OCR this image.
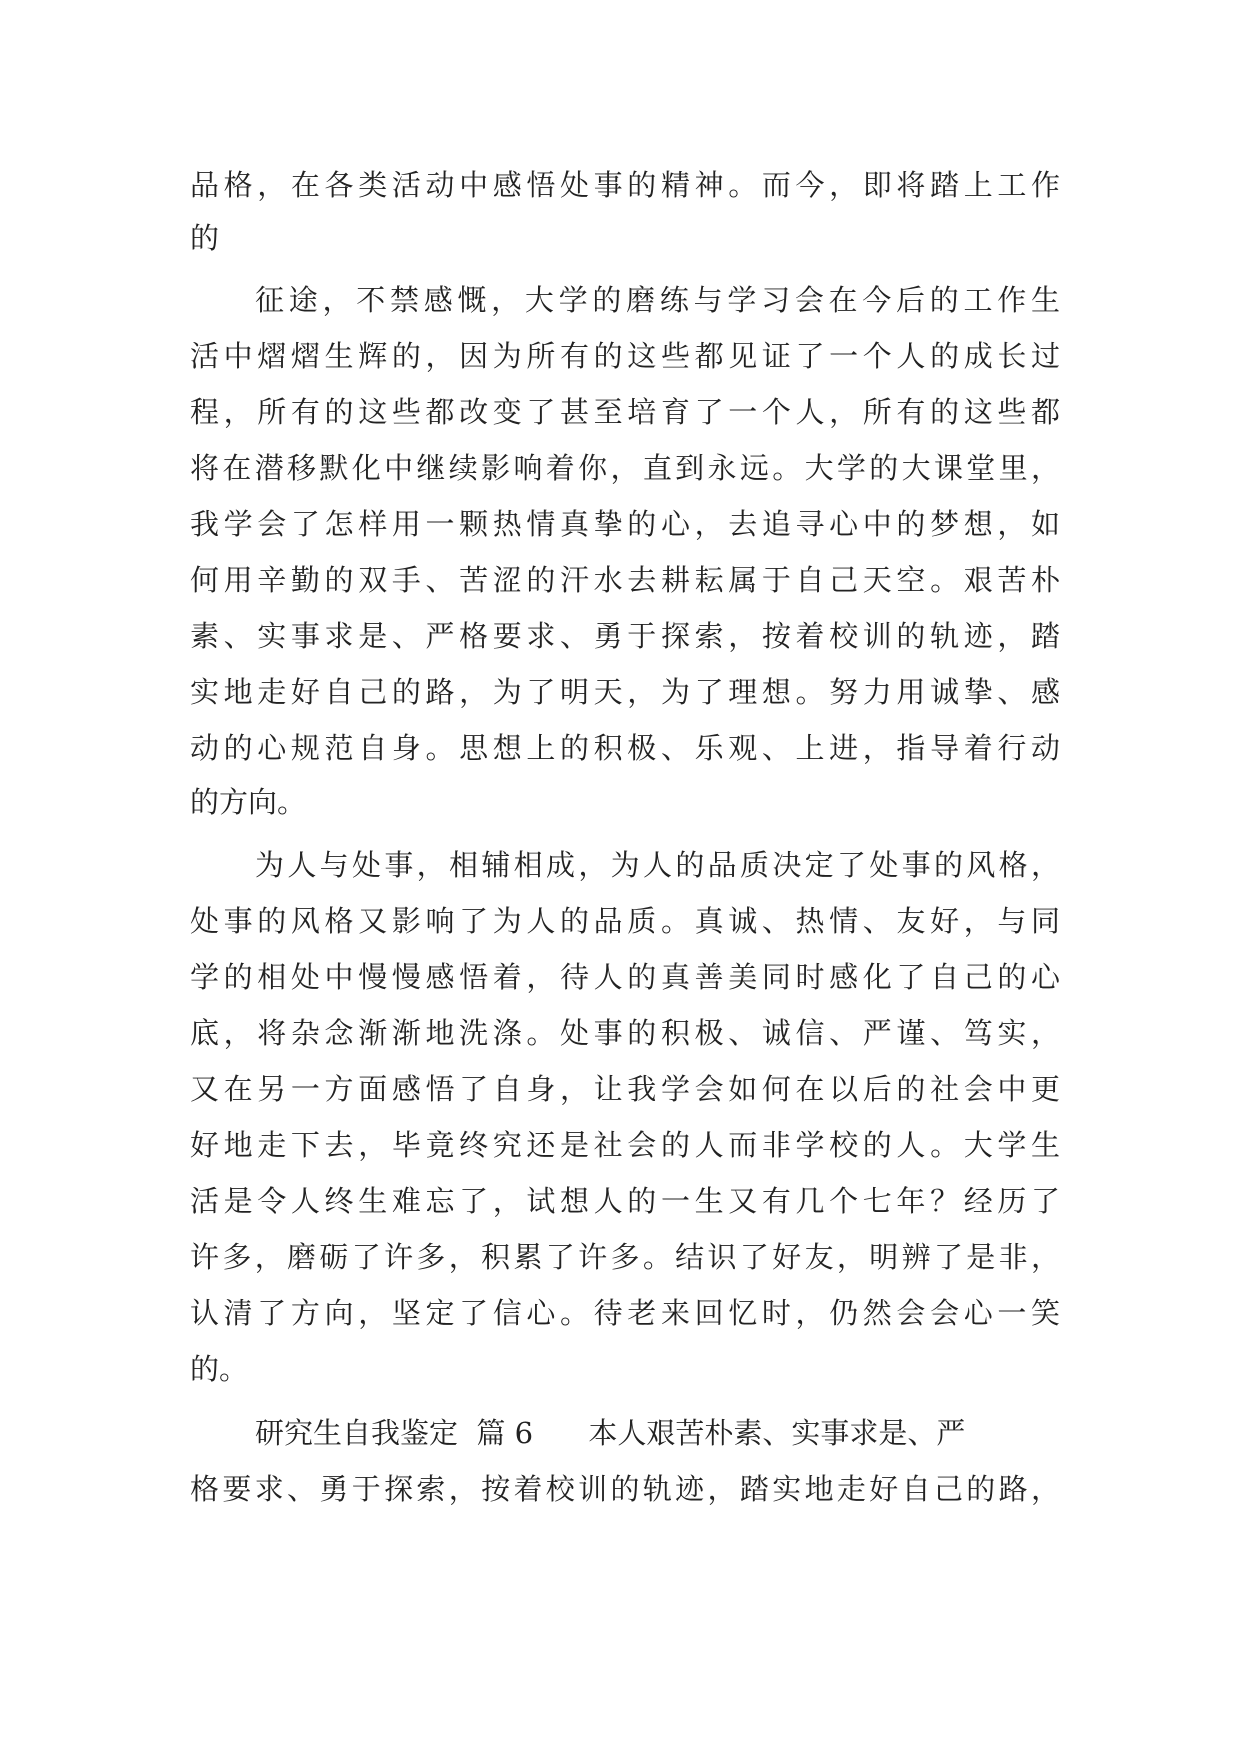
品格，在各类活动中感悟处事的精神。而今，即将踏上工作
的
征途，不禁感慨，大学的磨练与学习会在今后的工作生
活中熠熠生辉的，因为所有的这些都见证了一个人的成长过
程，所有的这些都改变了甚至培育了一个人，所有的这些都
将在潜移默化中继续影响着你，直到永远。大学的大课堂里，
我学会了怎样用一颗热情真挚的心，去追寻心中的梦想，如
何用辛勤的双手、苦涩的汗水去耕耘属于自己天空。艰苦朴
素、实事求是、严格要求、勇于探索，按着校训的轨迹，踏
实地走好自己的路，为了明天，为了理想。努力用诚挚、感
动的心规范自身。思想上的积极、乐观、上进，指导着行动
的方向。
为人与处事，相辅相成，为人的品质决定了处事的风格，
处事的风格又影响了为人的品质。真诚、热情、友好，与同
学的相处中慢慢感悟着，待人的真善美同时感化了自己的心
底，将杂念渐渐地洗涤。处事的积极、诚信、严谨、笃实，
又在另一方面感悟了自身，让我学会如何在以后的社会中更
好地走下去，毕竟终究还是社会的人而非学校的人。大学生
活是令人终生难忘了，试想人的一生又有几个七年？经历了
许多，磨砺了许多，积累了许多。结识了好友，明辨了是非，
认清了方向，坚定了信心。待老来回忆时，仍然会会心一笑
的。
研究生自我鉴定  篇 6      本人艰苦朴素、实事求是、严
格要求、勇于探索，按着校训的轨迹，踏实地走好自己的路，
